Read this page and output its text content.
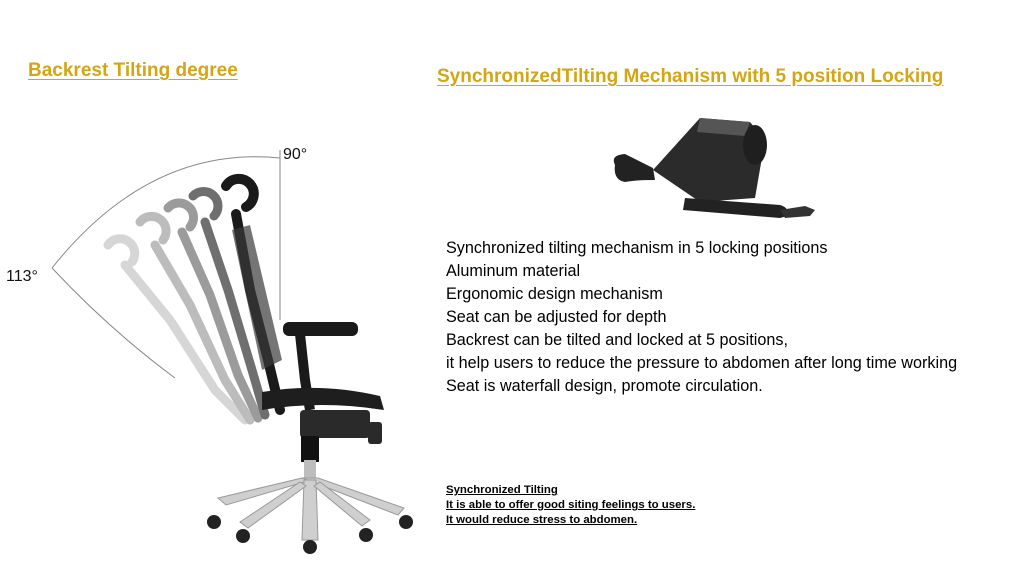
Backrest Tilting degree	SynchronizedTilting Mechanism with 5 position Locking
90°
113°
Synchronized tilting mechanism in 5 locking positions
Aluminum material
Ergonomic design mechanism
Seat can be adjusted for depth
Backrest can be tilted and locked at 5 positions,
it help users to reduce the pressure to abdomen after long time working
Seat is waterfall design, promote circulation.
Synchronized Tilting
It is able to offer good siting feelings to users.
It would reduce stress to abdomen.
